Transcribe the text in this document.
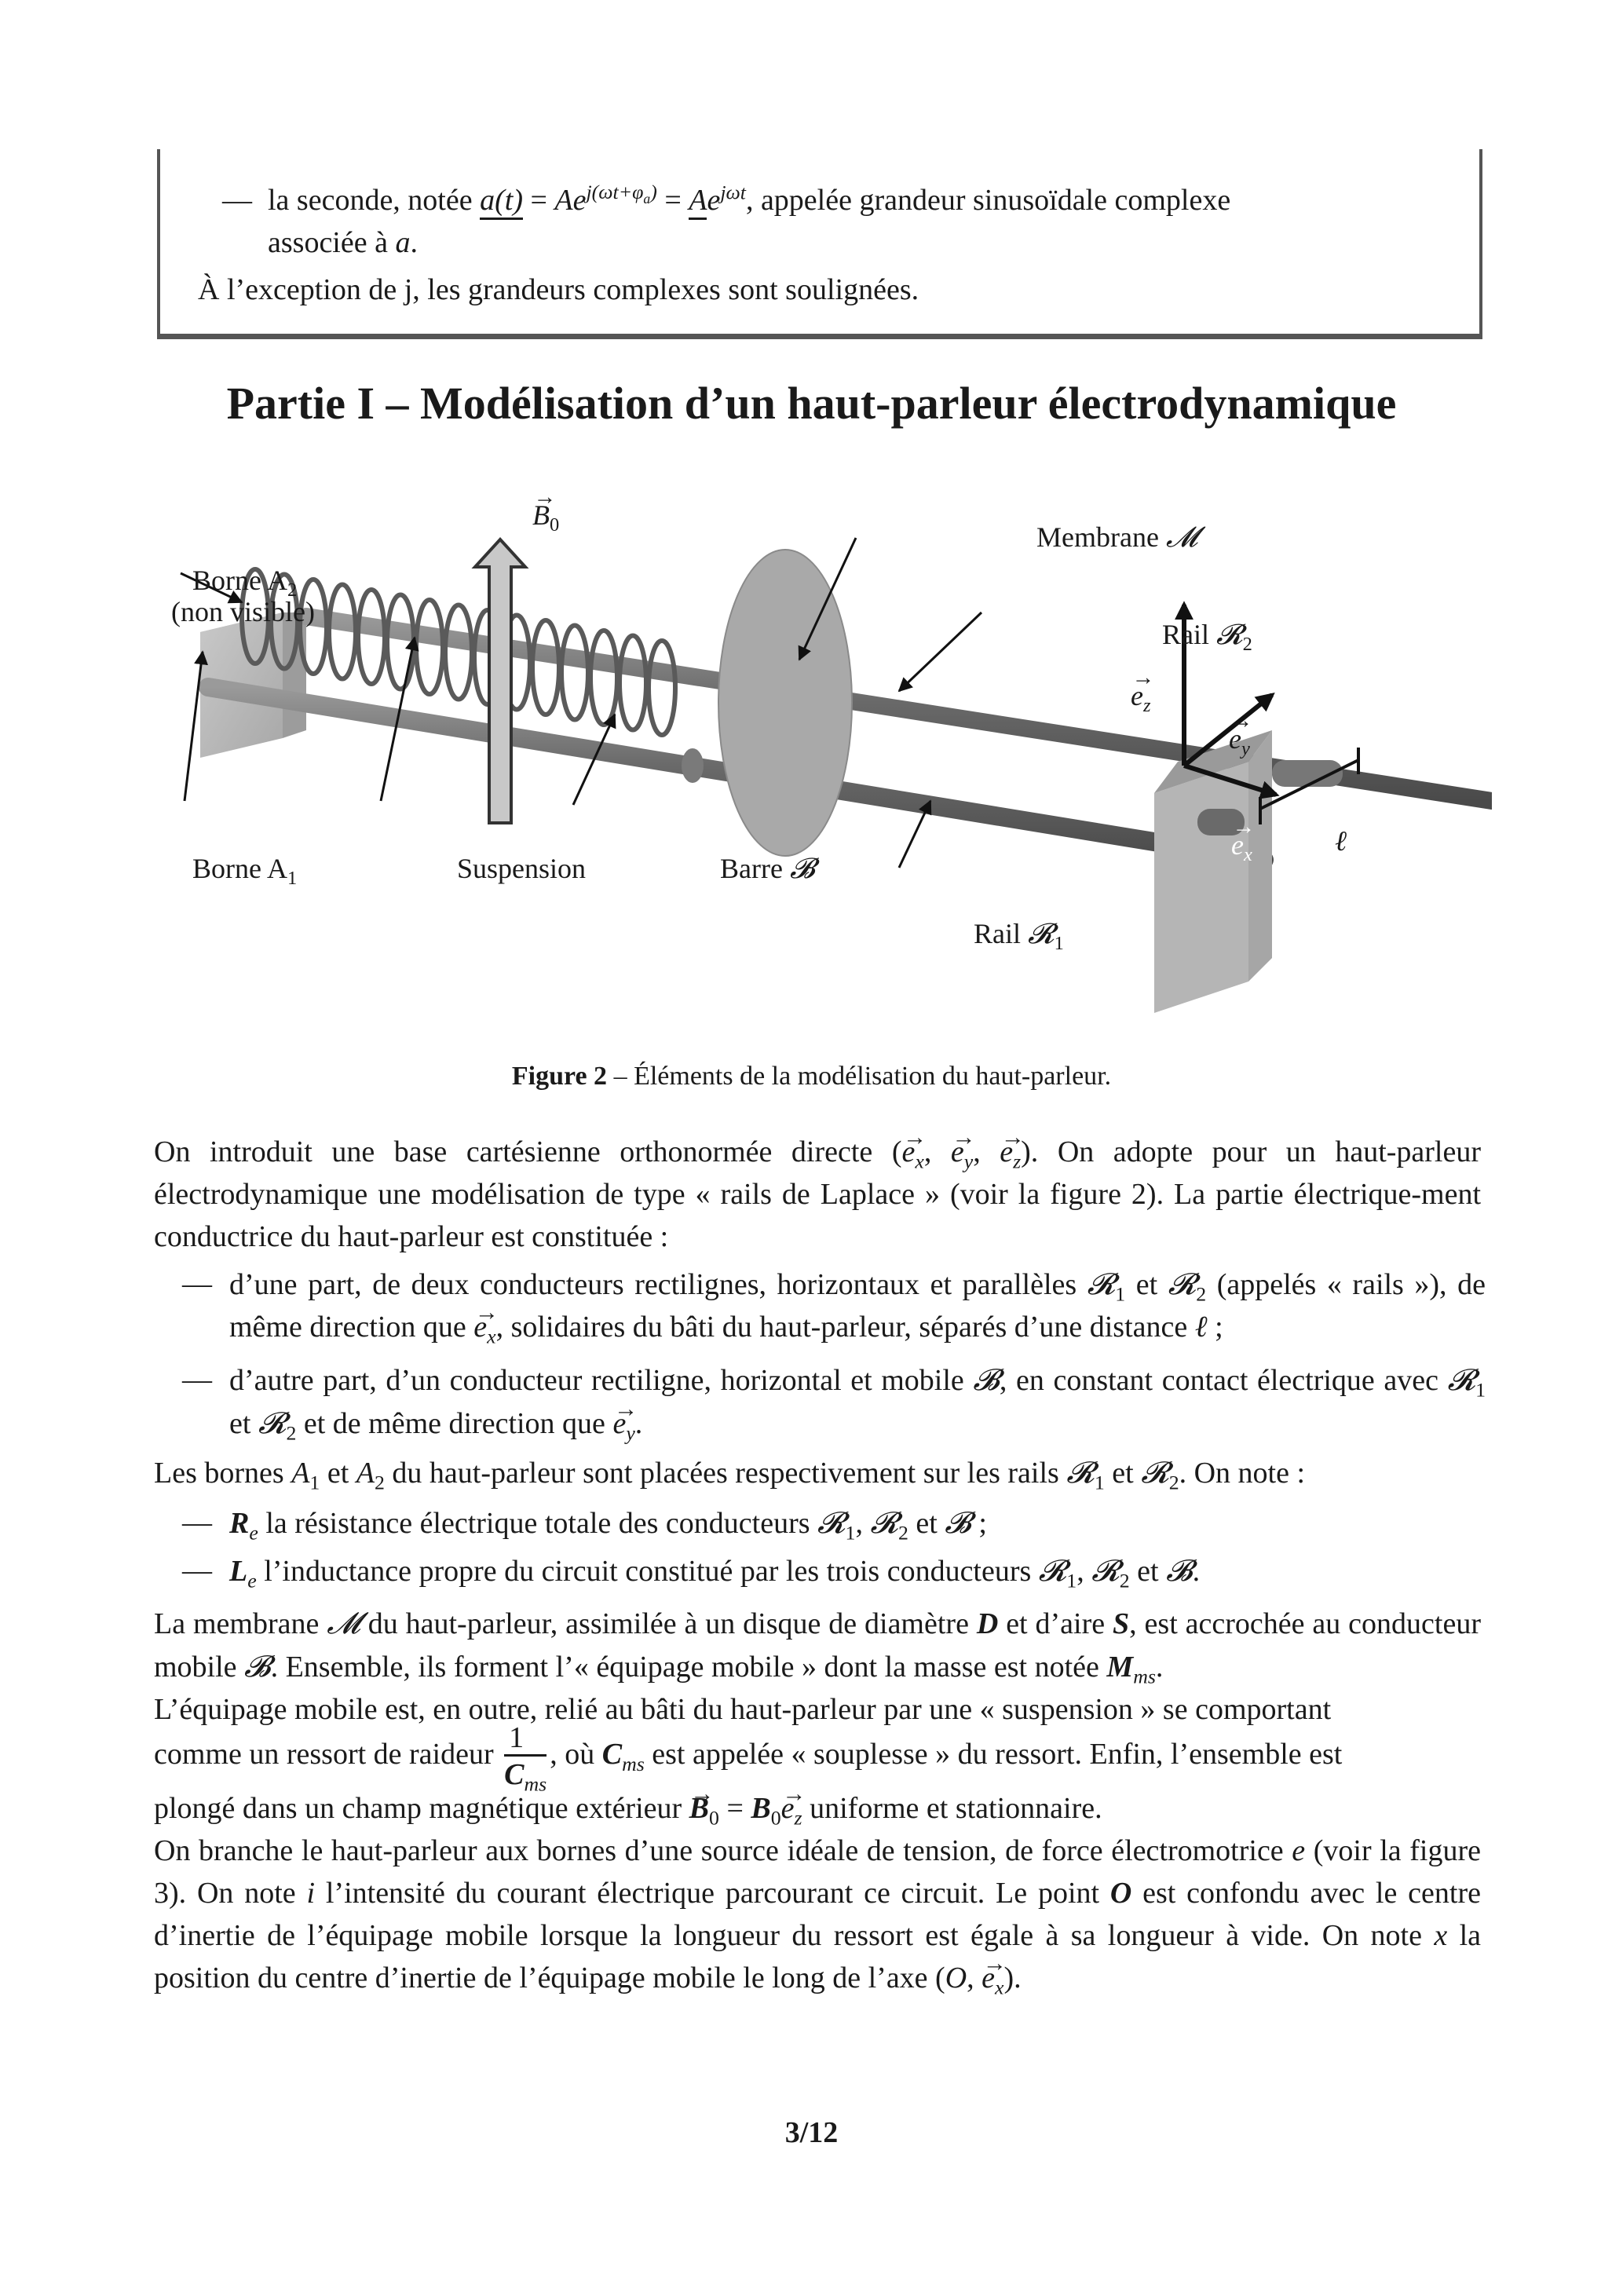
— la seconde, notée $a(t) = Ae^{j(\omega t+\varphi_a)} = Ae^{j\omega t}$, appelée grandeur sinusoïdale complexe
associée à a.
À l’exception de j, les grandeurs complexes sont soulignées.
Partie I – Modélisation d’un haut-parleur électrodynamique
→ $B_0$	Membrane 𝓜
Borne $A_2$
(non visible)
Rail 𝓡$_2$
→ $e_z$
→ $e_y$
→ $e_x$	ℓ
Borne $A_1$	Suspension	Barre 𝓑
Rail 𝓡$_1$
Figure 2 – Éléments de la modélisation du haut-parleur.
On introduit une base cartésienne orthonormée directe (→ $e_x$, → $e_y$, → $e_z$). On adopte pour un haut-parleur électrodynamique une modélisation de type « rails de Laplace » (voir la figure 2). La partie électrique-ment conductrice du haut-parleur est constituée :
— d’une part, de deux conducteurs rectilignes, horizontaux et parallèles 𝓡$_1$ et 𝓡$_2$ (appelés « rails »), de même direction que → $e_x$, solidaires du bâti du haut-parleur, séparés d’une distance ℓ ;
— d’autre part, d’un conducteur rectiligne, horizontal et mobile 𝓑, en constant contact électrique avec 𝓡$_1$ et 𝓡$_2$ et de même direction que → $e_y$.
Les bornes $A_1$ et $A_2$ du haut-parleur sont placées respectivement sur les rails 𝓡$_1$ et 𝓡$_2$. On note :
— $R_e$ la résistance électrique totale des conducteurs 𝓡$_1$, 𝓡$_2$ et 𝓑 ;
— $L_e$ l’inductance propre du circuit constitué par les trois conducteurs 𝓡$_1$, 𝓡$_2$ et 𝓑.
La membrane 𝓜 du haut-parleur, assimilée à un disque de diamètre D et d’aire S, est accrochée au conducteur mobile 𝓑. Ensemble, ils forment l’« équipage mobile » dont la masse est notée $M_{ms}$.
L’équipage mobile est, en outre, relié au bâti du haut-parleur par une « suspension » se comportant
comme un ressort de raideur $\frac{1}{C_{ms}}$ , où $C_{ms}$ est appelée « souplesse » du ressort. Enfin, l’ensemble est
plongé dans un champ magnétique extérieur → $B_0 = B_0\to e_z$ uniforme et stationnaire.
On branche le haut-parleur aux bornes d’une source idéale de tension, de force électromotrice e (voir la figure 3). On note i l’intensité du courant électrique parcourant ce circuit. Le point O est confondu avec le centre d’inertie de l’équipage mobile lorsque la longueur du ressort est égale à sa longueur à vide. On note x la position du centre d’inertie de l’équipage mobile le long de l’axe (O, → $e_x$).
3/12
